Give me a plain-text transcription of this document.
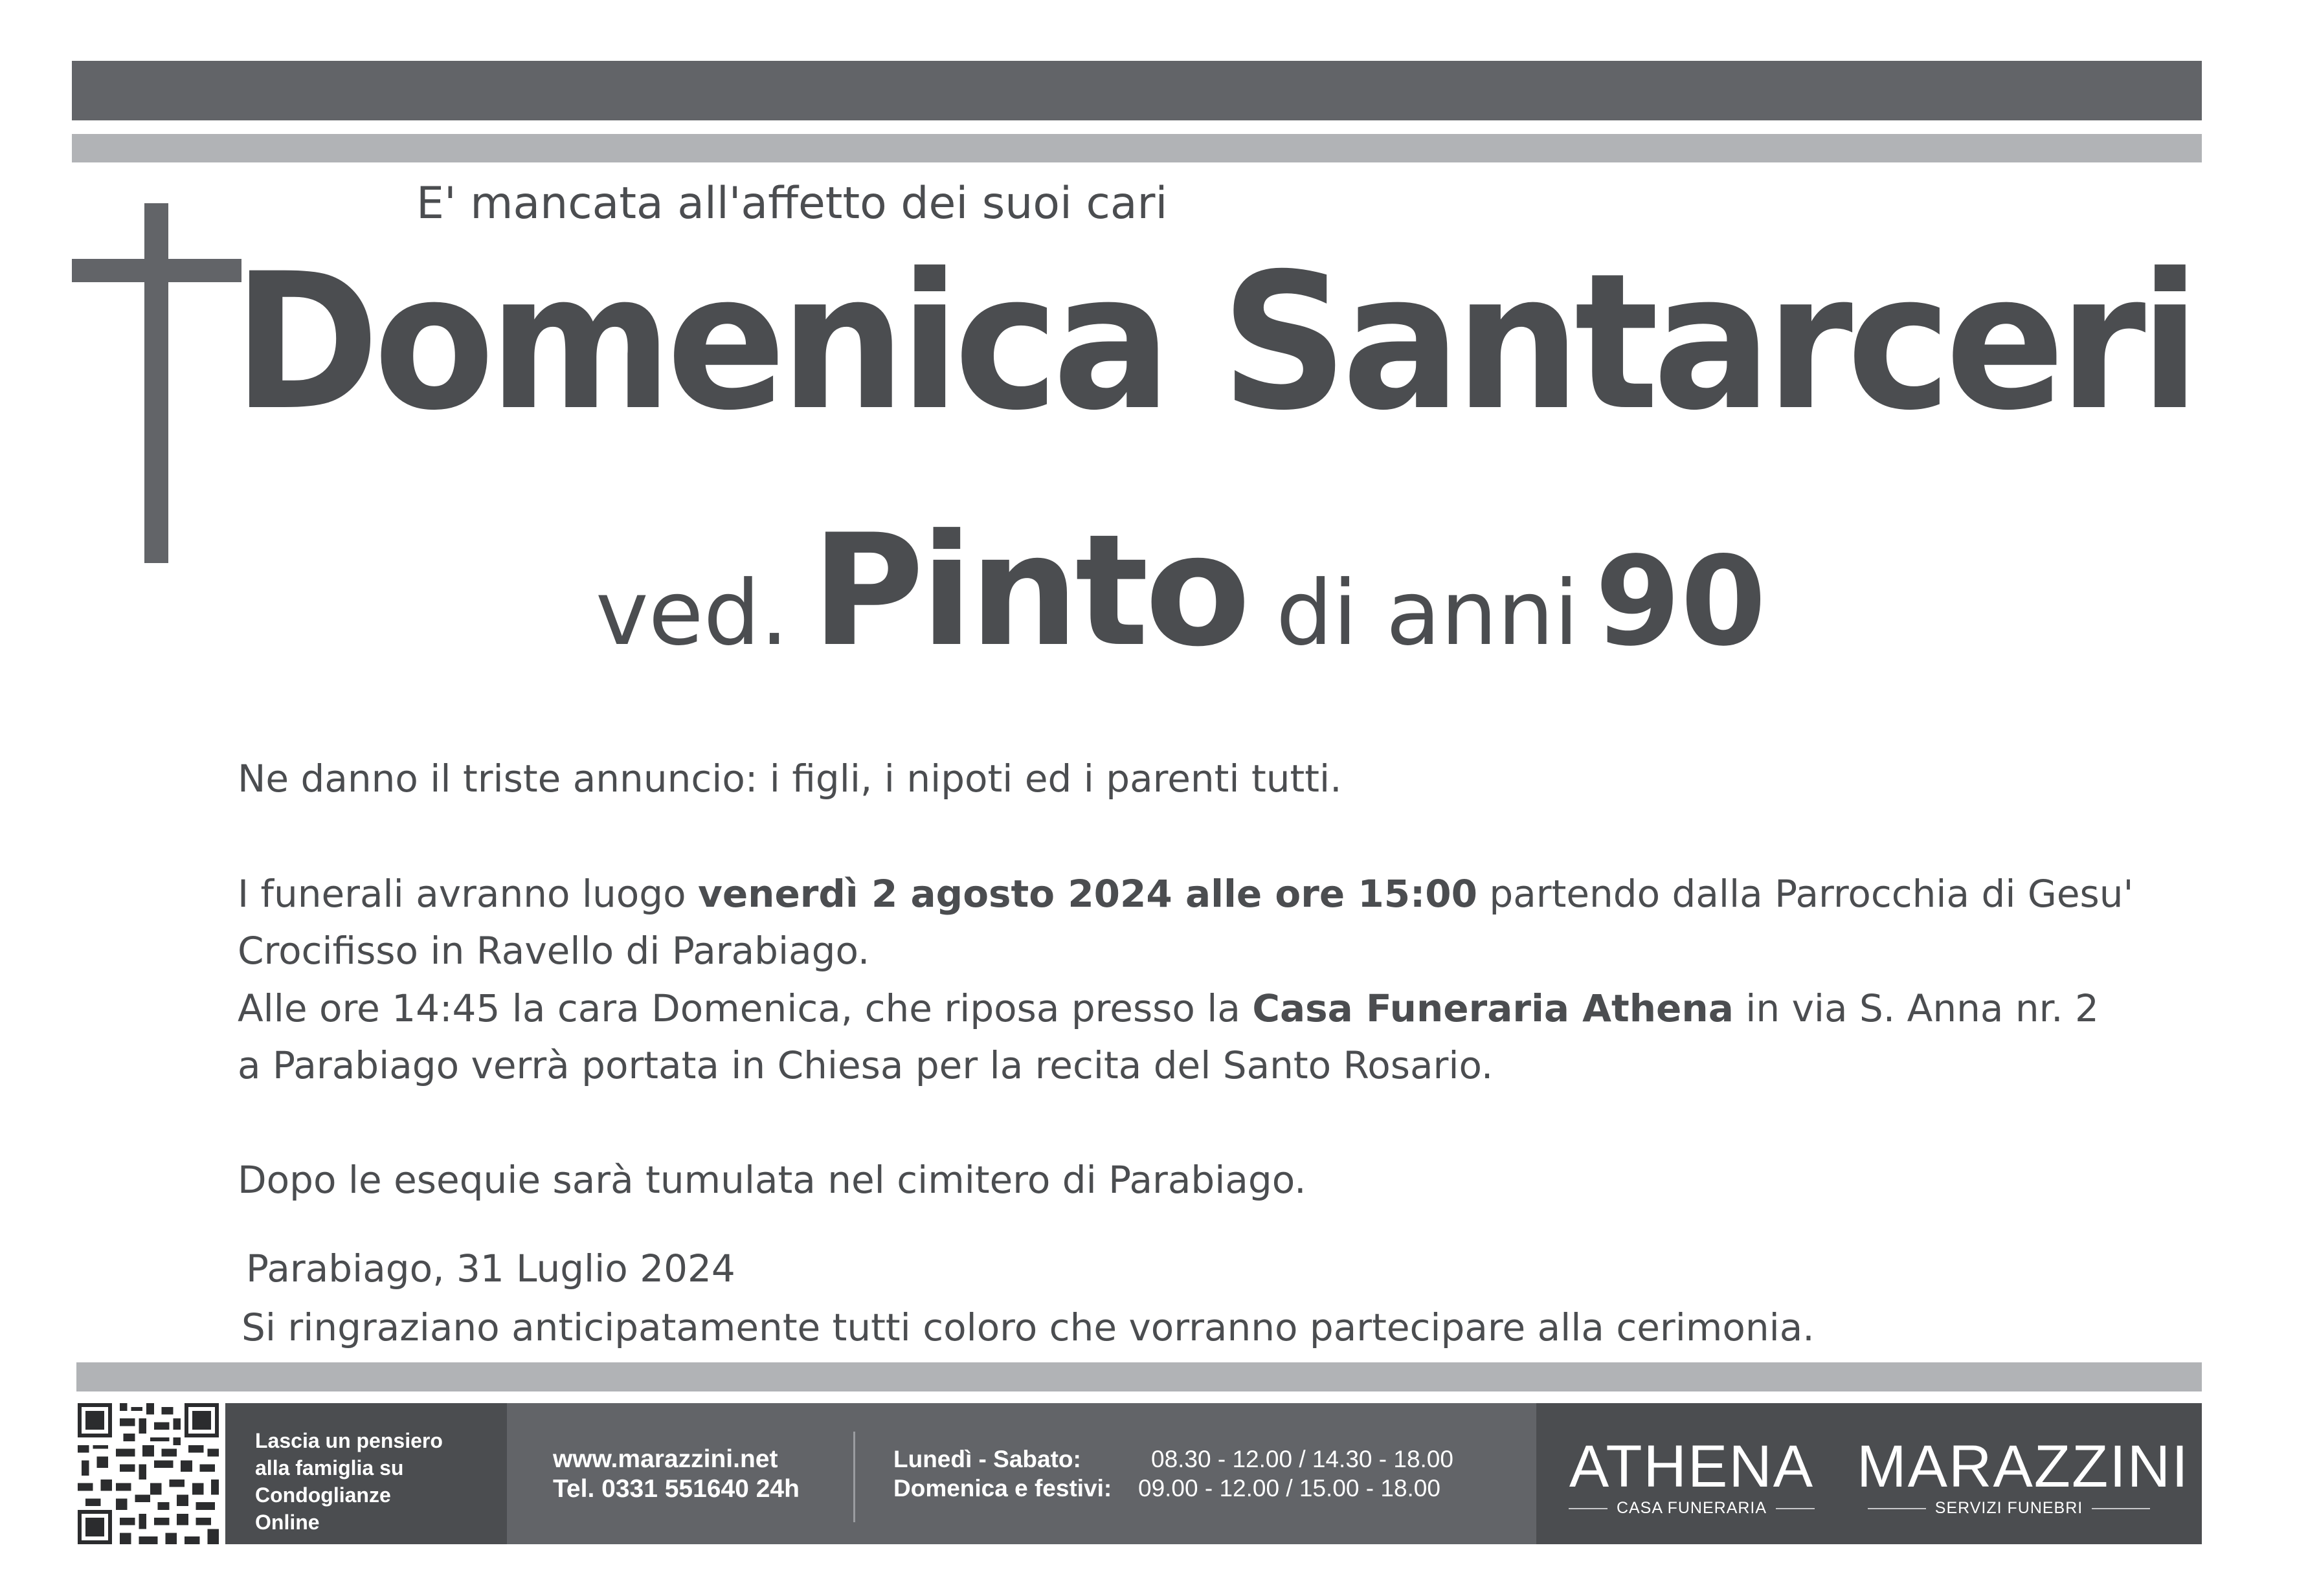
E' mancata all'affetto dei suoi cari
Domenica Santarceri
ved. Pinto di anni 90
Ne danno il triste annuncio: i figli, i nipoti ed i parenti tutti.
I funerali avranno luogo venerdì 2 agosto 2024 alle ore 15:00 partendo dalla Parrocchia di Gesu'
Crocifisso in Ravello di Parabiago.
Alle ore 14:45 la cara Domenica, che riposa presso la Casa Funeraria Athena in via S. Anna nr. 2
a Parabiago verrà portata in Chiesa per la recita del Santo Rosario.
Dopo le esequie sarà tumulata nel cimitero di Parabiago.
Parabiago, 31 Luglio 2024
Si ringraziano anticipatamente tutti coloro che vorranno partecipare alla cerimonia.
Lascia un pensiero
alla famiglia su
Condoglianze
Online
www.marazzini.net
Tel. 0331 551640 24h
Lunedì - Sabato:	08.30 - 12.00 / 14.30 - 18.00
Domenica e festivi: 09.00 - 12.00 / 15.00 - 18.00 ATHENA
CASA FUNERARIA
MARAZZINI
SERVIZI FUNEBRI
